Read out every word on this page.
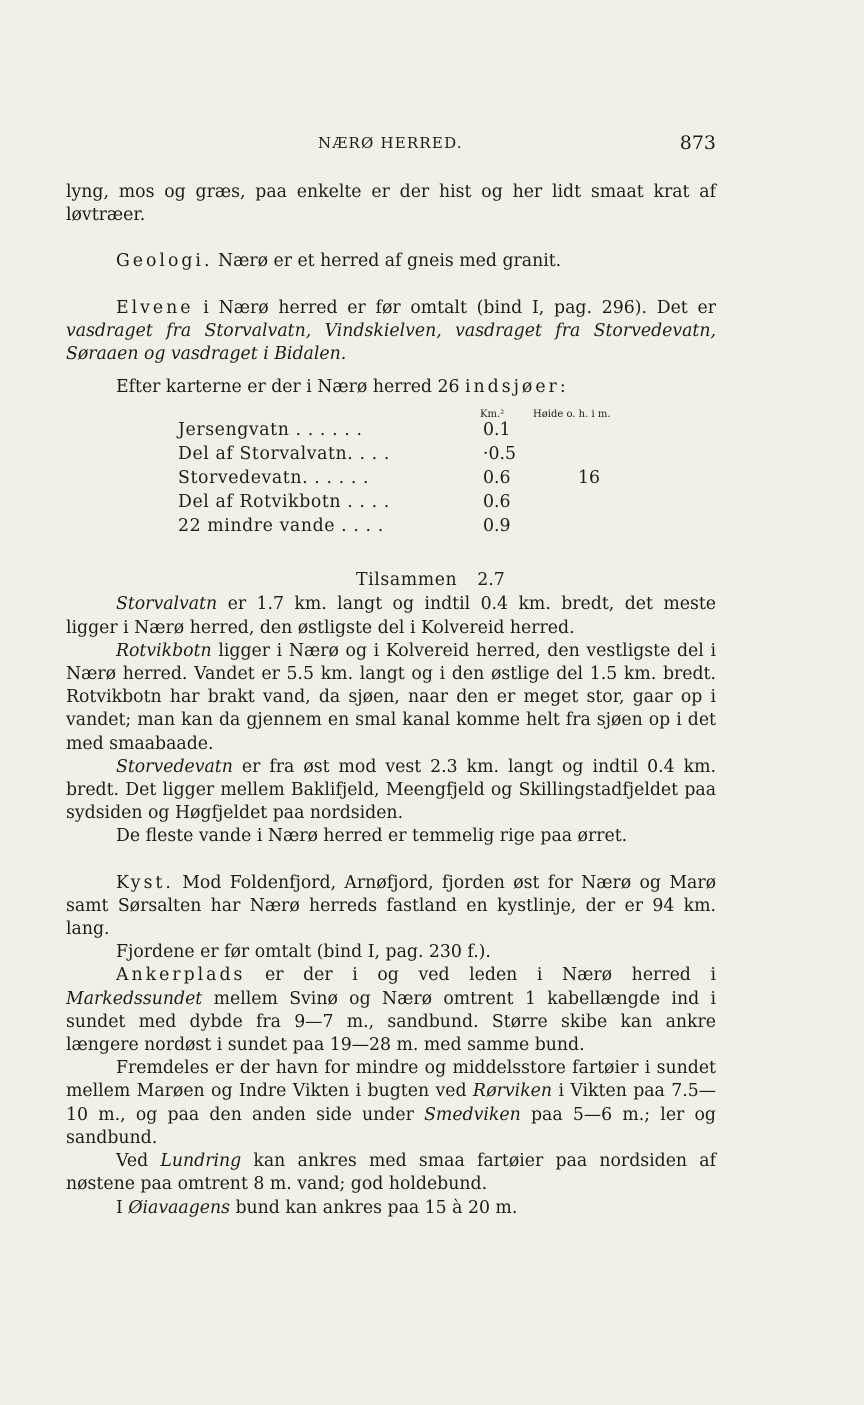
NÆRØ HERRED.	873

lyng, mos og græs, paa enkelte er der hist og her lidt smaat krat af løvtræer.

Geologi. Nærø er et herred af gneis med granit.

Elvene i Nærø herred er før omtalt (bind I, pag. 296). Det er vasdraget fra Storvalvatn, Vindskielven, vasdraget fra Storvedevatn, Søraaen og vasdraget i Bidalen.

Efter karterne er der i Nærø herred 26 indsjøer:

Km.²	Høide o. h. i m.
Jersengvatn . . . . . .	0.1
Del af Storvalvatn. . . .	·0.5
Storvedevatn. . . . . .	0.6	16
Del af Rotvikbotn . . . .	0.6
22 mindre vande . . . .	0.9
Tilsammen 2.7

Storvalvatn er 1.7 km. langt og indtil 0.4 km. bredt, det meste ligger i Nærø herred, den østligste del i Kolvereid herred.

Rotvikbotn ligger i Nærø og i Kolvereid herred, den vestligste del i Nærø herred. Vandet er 5.5 km. langt og i den østlige del 1.5 km. bredt. Rotvikbotn har brakt vand, da sjøen, naar den er meget stor, gaar op i vandet; man kan da gjennem en smal kanal komme helt fra sjøen op i det med smaabaade.

Storvedevatn er fra øst mod vest 2.3 km. langt og indtil 0.4 km. bredt. Det ligger mellem Baklifjeld, Meengfjeld og Skillingstadfjeldet paa sydsiden og Høgfjeldet paa nordsiden.

De fleste vande i Nærø herred er temmelig rige paa ørret.

Kyst. Mod Foldenfjord, Arnøfjord, fjorden øst for Nærø og Marø samt Sørsalten har Nærø herreds fastland en kystlinje, der er 94 km. lang.

Fjordene er før omtalt (bind I, pag. 230 f.).

Ankerplads er der i og ved leden i Nærø herred i Markedssundet mellem Svinø og Nærø omtrent 1 kabellængde ind i sundet med dybde fra 9—7 m., sandbund. Større skibe kan ankre længere nordøst i sundet paa 19—28 m. med samme bund.

Fremdeles er der havn for mindre og middelsstore fartøier i sundet mellem Marøen og Indre Vikten i bugten ved Rørviken i Vikten paa 7.5—10 m., og paa den anden side under Smedviken paa 5—6 m.; ler og sandbund.

Ved Lundring kan ankres med smaa fartøier paa nordsiden af nøstene paa omtrent 8 m. vand; god holdebund.

I Øiavaagens bund kan ankres paa 15 à 20 m.
